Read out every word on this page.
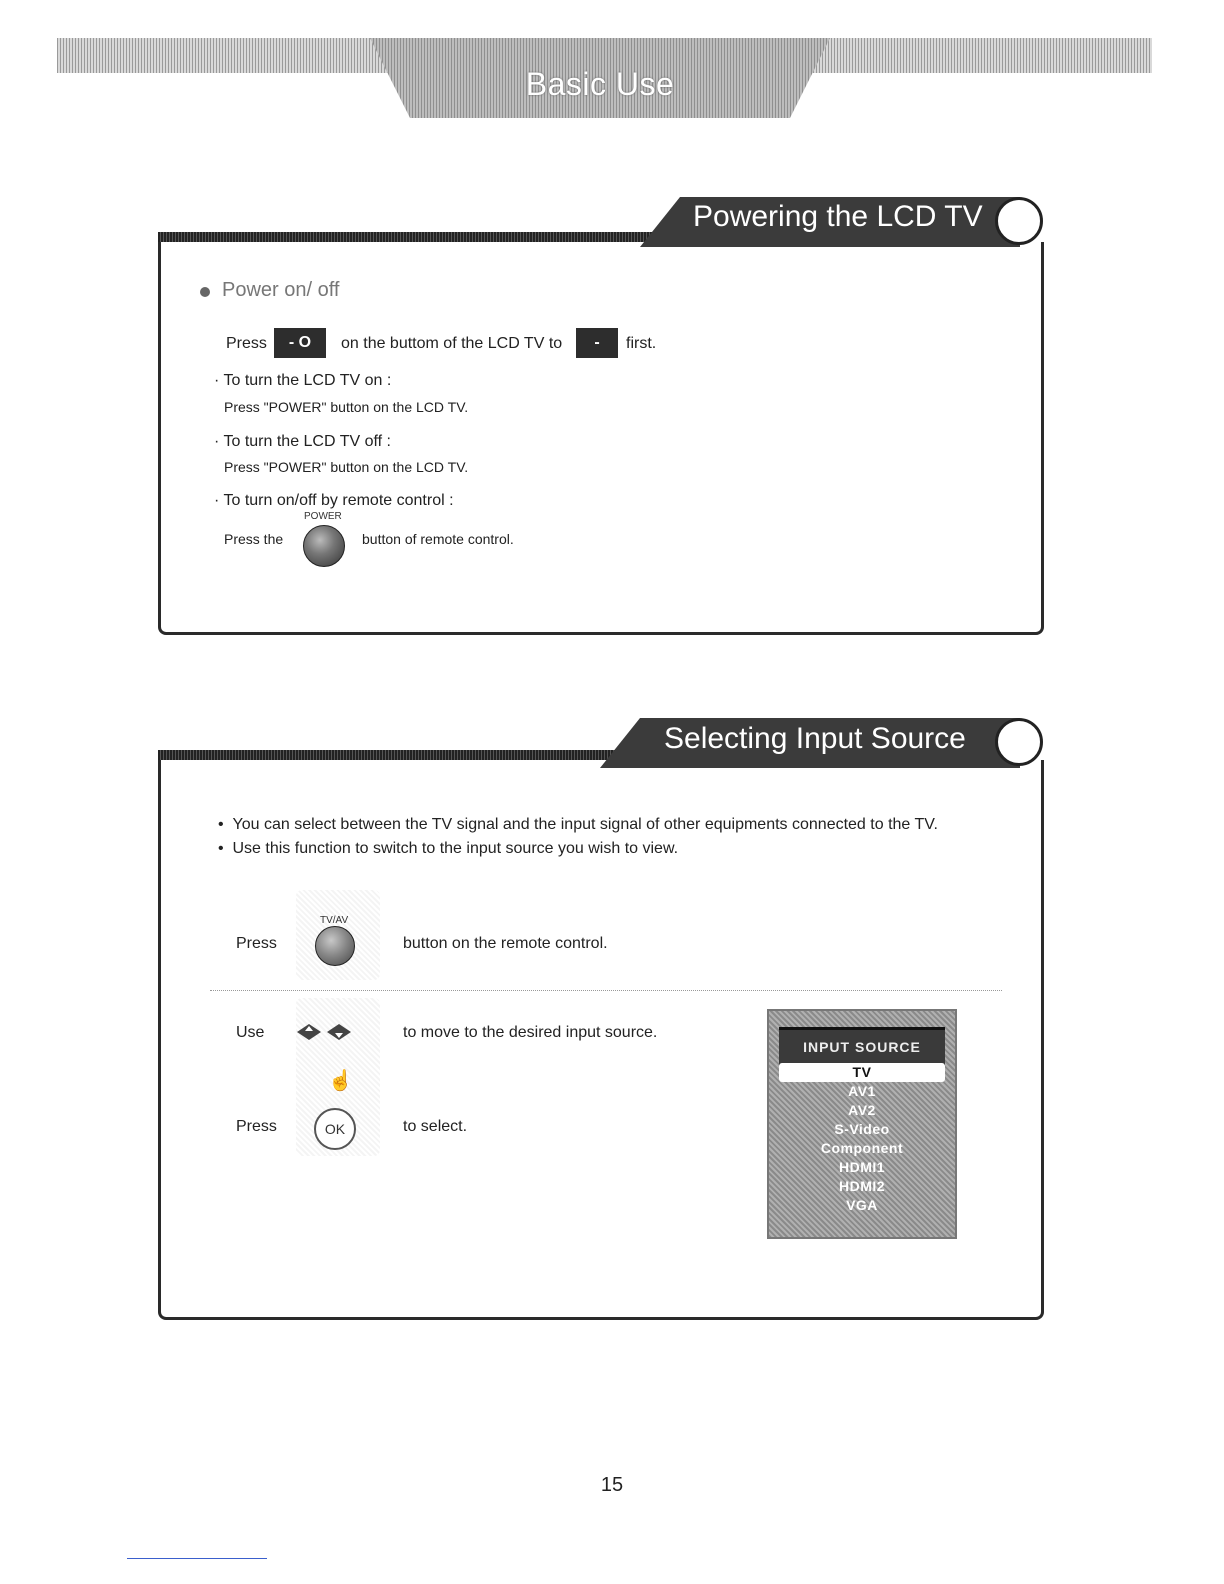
Basic Use
Powering the LCD TV
Power on/ off
Press	- O	on the buttom of the LCD TV to	-	first.
· To turn the LCD TV on :
Press "POWER" button on the LCD TV.
· To turn the LCD TV off :
Press "POWER" button on the LCD TV.
· To turn on/off by remote control :
POWER
Press the	button of remote control.
Selecting Input Source
•  You can select between the TV signal and the input signal of other equipments connected to the TV.
•  Use this function to switch to the input source you wish to view.
Press
TV/AV
button on the remote control.
Use	to move to the desired input source.
☝
Press	OK	to select.
INPUT SOURCE
TV
AV1
AV2
S-Video
Component
HDMI1
HDMI2
VGA
15
